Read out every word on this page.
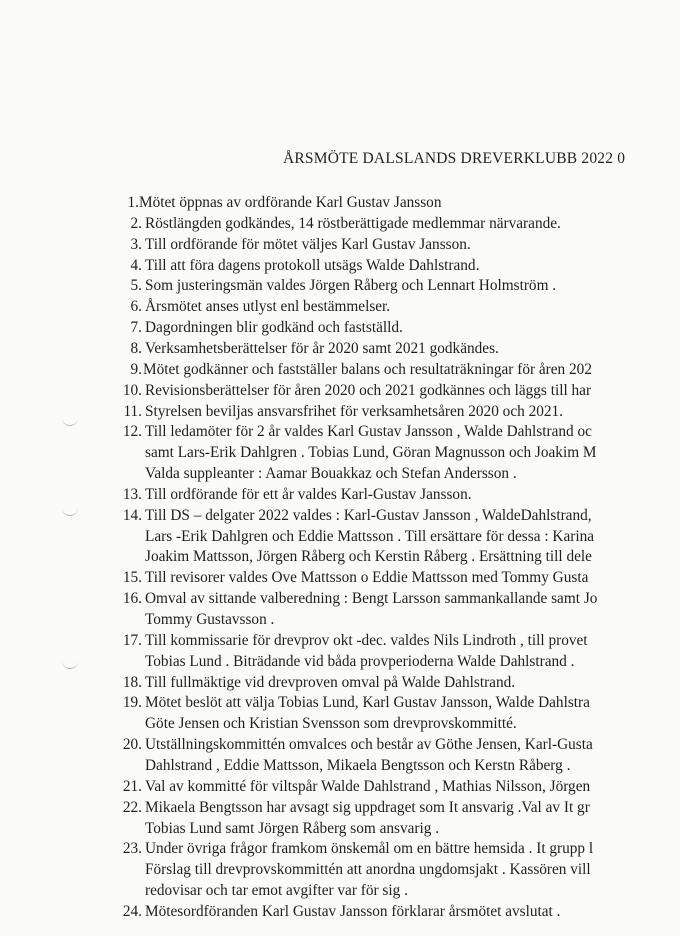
ÅRSMÖTE DALSLANDS DREVERKLUBB 2022 0
1. Mötet öppnas av ordförande Karl Gustav Jansson
2. Röstlängden godkändes, 14 röstberättigade medlemmar närvarande.
3. Till ordförande för mötet väljes Karl Gustav Jansson.
4. Till att föra dagens protokoll utsägs Walde Dahlstrand.
5. Som justeringsmän valdes Jörgen Råberg och Lennart Holmström .
6. Årsmötet anses utlyst enl bestämmelser.
7. Dagordningen blir godkänd och fastställd.
8. Verksamhetsberättelser för år 2020 samt 2021 godkändes.
9. Mötet godkänner och fastställer balans och resultaträkningar för åren 202
10. Revisionsberättelser för åren 2020 och 2021 godkännes och läggs till har
11. Styrelsen beviljas ansvarsfrihet för verksamhetsåren 2020 och 2021.
12. Till ledamöter för 2 år valdes Karl Gustav Jansson , Walde Dahlstrand oc
samt Lars-Erik Dahlgren . Tobias Lund, Göran Magnusson och Joakim M
Valda suppleanter : Aamar Bouakkaz och Stefan Andersson .
13. Till ordförande för ett år valdes Karl-Gustav Jansson.
14. Till DS – delgater 2022 valdes : Karl-Gustav Jansson , WaldeDahlstrand,
Lars -Erik Dahlgren och Eddie Mattsson . Till ersättare för dessa : Karina
Joakim Mattsson, Jörgen Råberg och Kerstin Råberg . Ersättning till dele
15. Till revisorer valdes Ove Mattsson o Eddie Mattsson med Tommy Gusta
16. Omval av sittande valberedning : Bengt Larsson sammankallande samt Jo
Tommy Gustavsson .
17. Till kommissarie för drevprov okt -dec. valdes Nils Lindroth , till provet
Tobias Lund . Biträdande vid båda provperioderna Walde Dahlstrand .
18. Till fullmäktige vid drevproven omval på Walde Dahlstrand.
19. Mötet beslöt att välja Tobias Lund, Karl Gustav Jansson, Walde Dahlstra
Göte Jensen och Kristian Svensson som drevprovskommitté.
20. Utställningskommittén omvalces och består av Göthe Jensen, Karl-Gusta
Dahlstrand , Eddie Mattsson, Mikaela Bengtsson och Kerstn Råberg .
21. Val av kommitté för viltspår Walde Dahlstrand , Mathias Nilsson, Jörgen
22. Mikaela Bengtsson har avsagt sig uppdraget som It ansvarig .Val av It gr
Tobias Lund samt Jörgen Råberg som ansvarig .
23. Under övriga frågor framkom önskemål om en bättre hemsida . It grupp l
Förslag till drevprovskommittén att anordna ungdomsjakt . Kassören vill
redovisar och tar emot avgifter var för sig .
24. Mötesordföranden Karl Gustav Jansson förklarar årsmötet avslutat .
